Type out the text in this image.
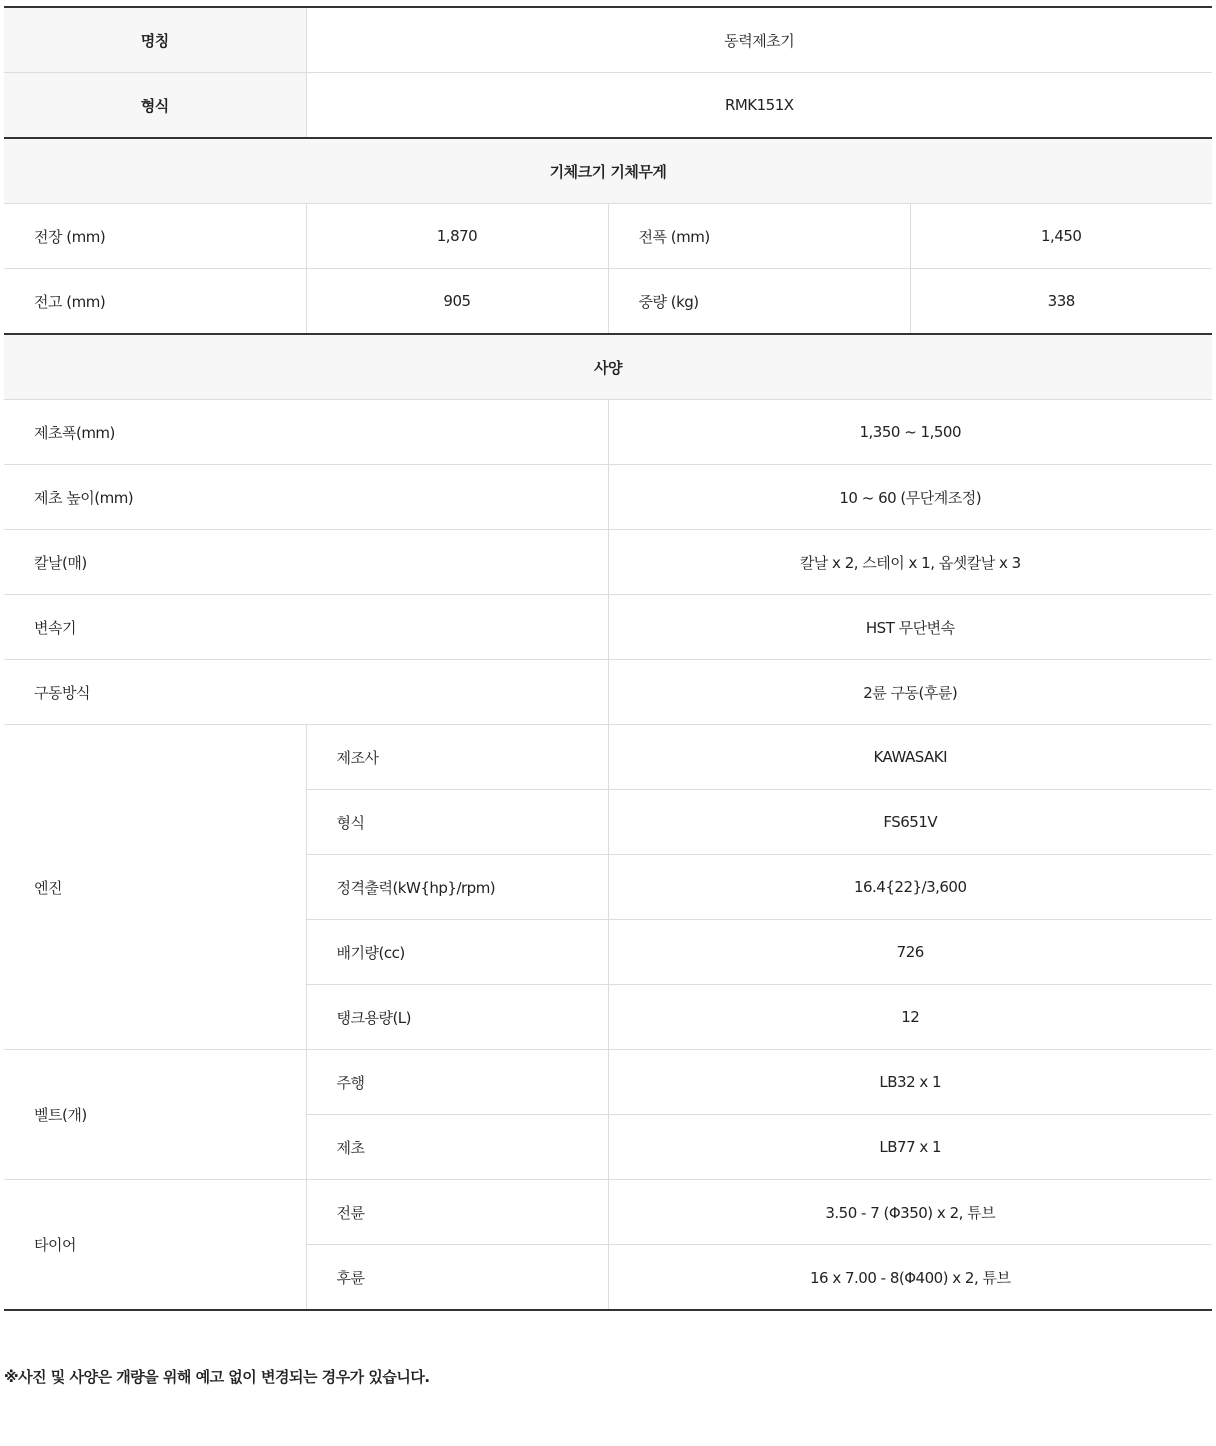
명칭	동력제초기		
형식	RMK151X		
기체크기 기체무게			
전장 (mm)	1,870	전폭 (mm)	1,450
전고 (mm)	905	중량 (kg)	338
사양			
제초폭(mm)		1,350 ~ 1,500	
제초 높이(mm)		10 ~ 60 (무단계조정)	
칼날(매)		칼날 x 2, 스테이 x 1, 옵셋칼날 x 3	
변속기		HST 무단변속	
구동방식		2륜 구동(후륜)	
엔진	제조사	KAWASAKI	
	형식	FS651V	
	정격출력(kW{hp}/rpm)	16.4{22}/3,600	
	배기량(cc)	726	
	탱크용량(L)	12	
벨트(개)	주행	LB32 x 1	
	제초	LB77 x 1	
타이어	전륜	3.50 - 7 (Φ350) x 2, 튜브	
	후륜	16 x 7.00 - 8(Φ400) x 2, 튜브	
※사진 및 사양은 개량을 위해 예고 없이 변경되는 경우가 있습니다.
